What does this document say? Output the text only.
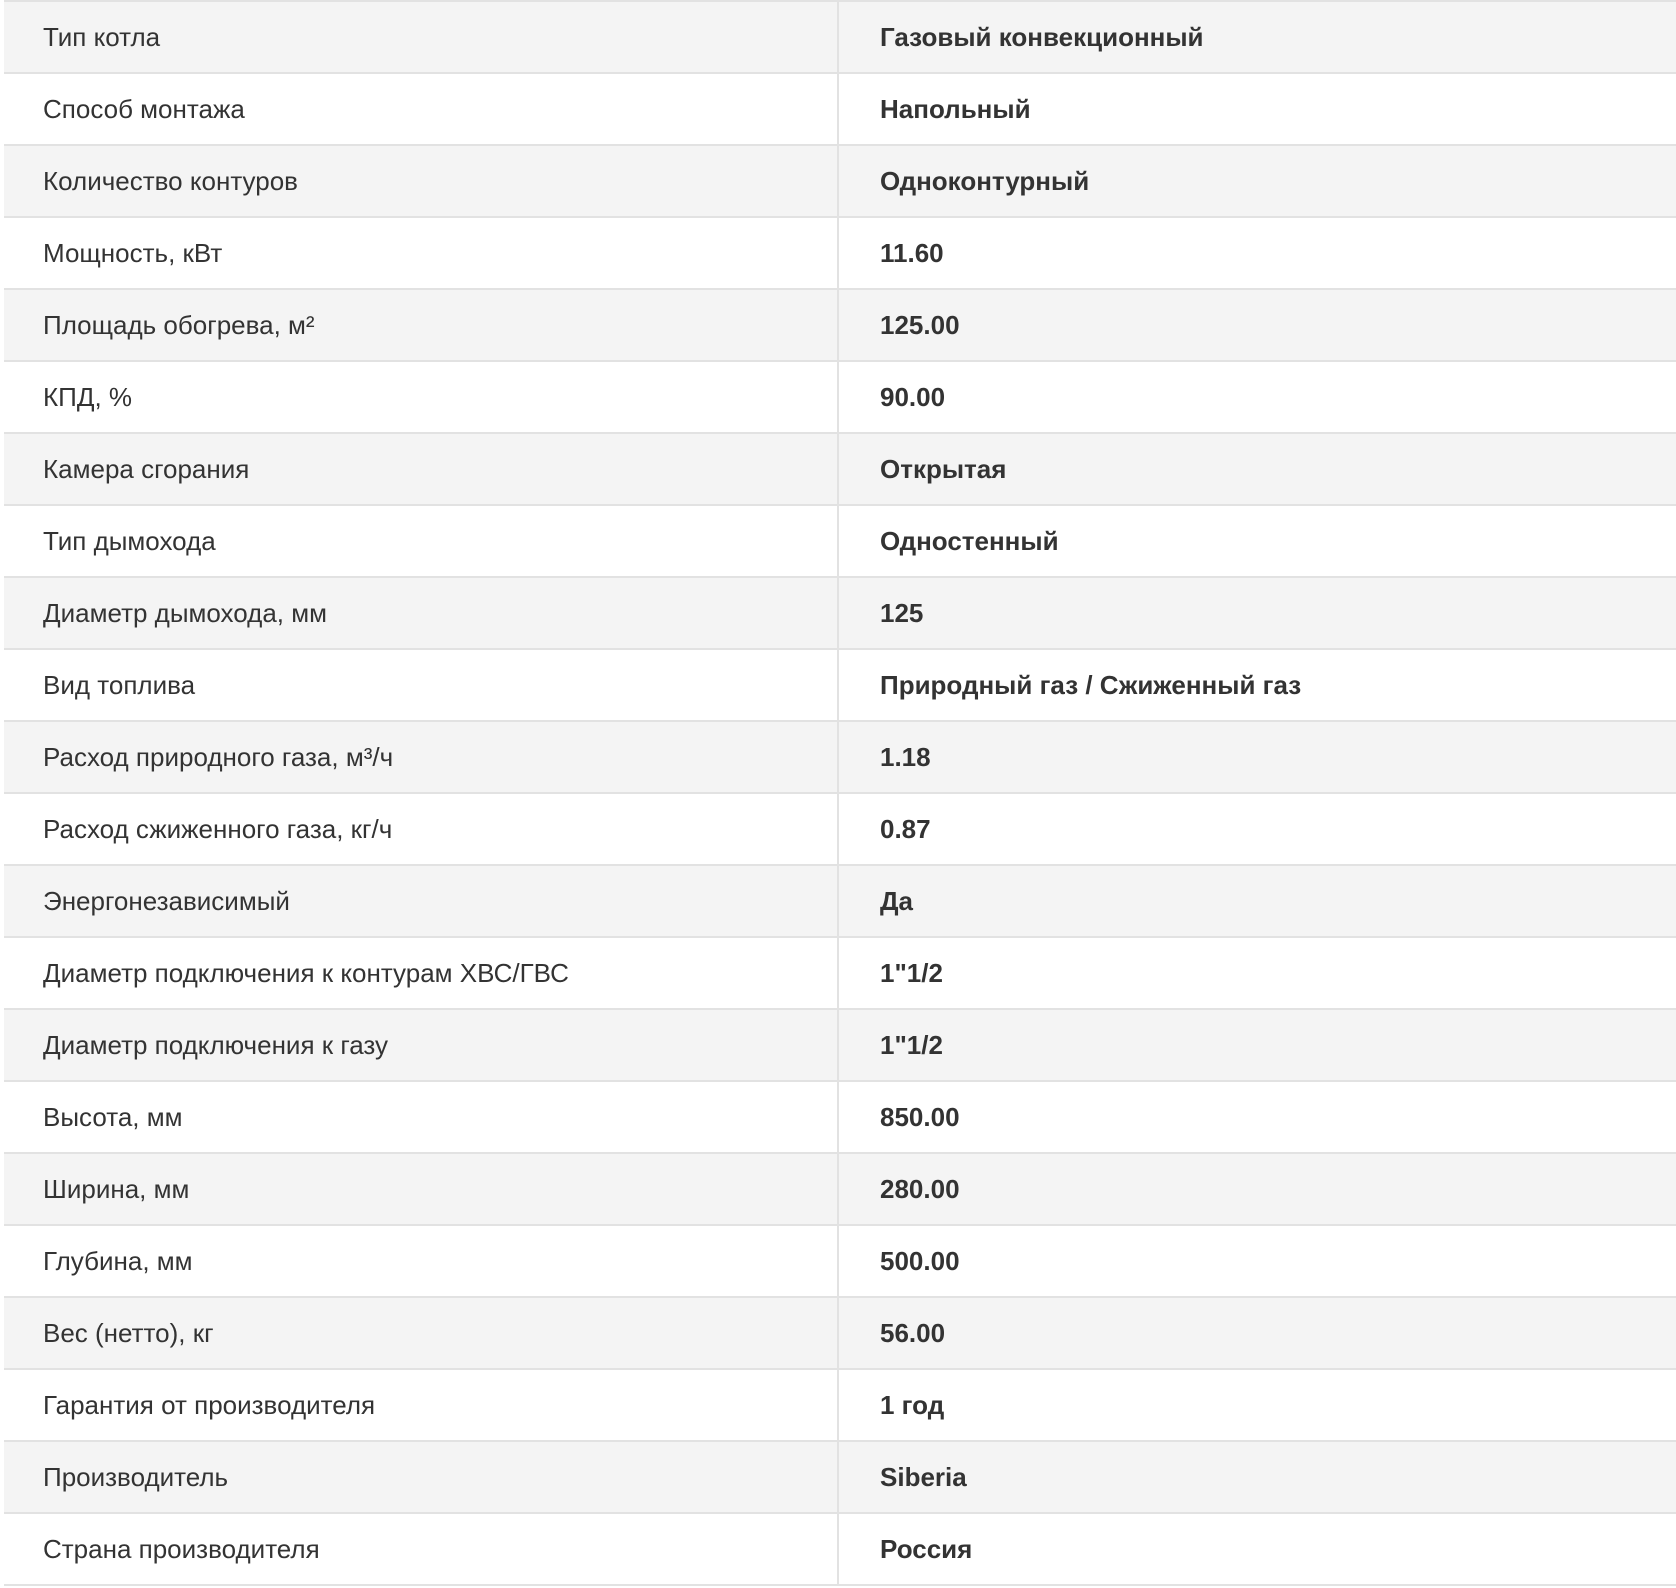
Тип котла	Газовый конвекционный
Способ монтажа	Напольный
Количество контуров	Одноконтурный
Мощность, кВт	11.60
Площадь обогрева, м²	125.00
КПД, %	90.00
Камера сгорания	Открытая
Тип дымохода	Одностенный
Диаметр дымохода, мм	125
Вид топлива	Природный газ / Сжиженный газ
Расход природного газа, м³/ч	1.18
Расход сжиженного газа, кг/ч	0.87
Энергонезависимый	Да
Диаметр подключения к контурам ХВС/ГВС	1"1/2
Диаметр подключения к газу	1"1/2
Высота, мм	850.00
Ширина, мм	280.00
Глубина, мм	500.00
Вес (нетто), кг	56.00
Гарантия от производителя	1 год
Производитель	Siberia
Страна производителя	Россия
